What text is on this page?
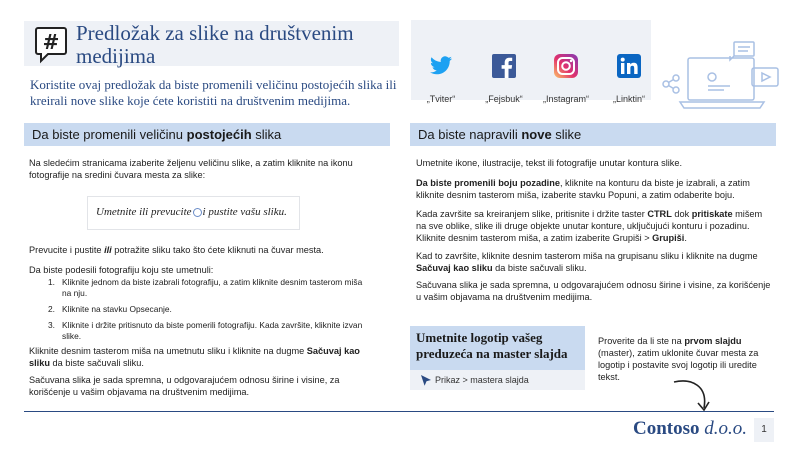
# Predložak za slike na društvenim medijima
Koristite ovaj predložak da biste promenili veličinu postojećih slika ili kreirali nove slike koje ćete koristiti na društvenim medijima.	„Tviter“	„Fejsbuk“	„Instagram“	„Linktin“
Da biste promenili veličinu postojećih slika
Na sledećim stranicama izaberite željenu veličinu slike, a zatim kliknite na ikonu fotografije na sredini čuvara mesta za slike:
Umetnite ili prevucite i pustite vašu sliku.
Prevucite i pustite ili potražite sliku tako što ćete kliknuti na čuvar mesta.
Da biste podesili fotografiju koju ste umetnuli:
1. Kliknite jednom da biste izabrali fotografiju, a zatim kliknite desnim tasterom miša na nju.
2. Kliknite na stavku Opsecanje.
3. Kliknite i držite pritisnuto da biste pomerili fotografiju. Kada završite, kliknite izvan slike.
Kliknite desnim tasterom miša na umetnutu sliku i kliknite na dugme Sačuvaj kao sliku da biste sačuvali sliku.
Sačuvana slika je sada spremna, u odgovarajućem odnosu širine i visine, za korišćenje u vašim objavama na društvenim medijima.
Da biste napravili nove slike
Umetnite ikone, ilustracije, tekst ili fotografije unutar kontura slike.
Da biste promenili boju pozadine, kliknite na konturu da biste je izabrali, a zatim kliknite desnim tasterom miša, izaberite stavku Popuni, a zatim odaberite boju.
Kada završite sa kreiranjem slike, pritisnite i držite taster CTRL dok pritiskate mišem na sve oblike, slike ili druge objekte unutar konture, uključujući konturu i pozadinu. Kliknite desnim tasterom miša, a zatim izaberite Grupiši > Grupiši.
Kad to završite, kliknite desnim tasterom miša na grupisanu sliku i kliknite na dugme Sačuvaj kao sliku da biste sačuvali sliku.
Sačuvana slika je sada spremna, u odgovarajućem odnosu širine i visine, za korišćenje u vašim objavama na društvenim medijima.
Umetnite logotip vašeg preduzeća na master slajda
Prikaz > mastera slajda
Proverite da li ste na prvom slajdu (master), zatim uklonite čuvar mesta za logotip i postavite svoj logotip ili uredite tekst.
Contoso d.o.o.	1
